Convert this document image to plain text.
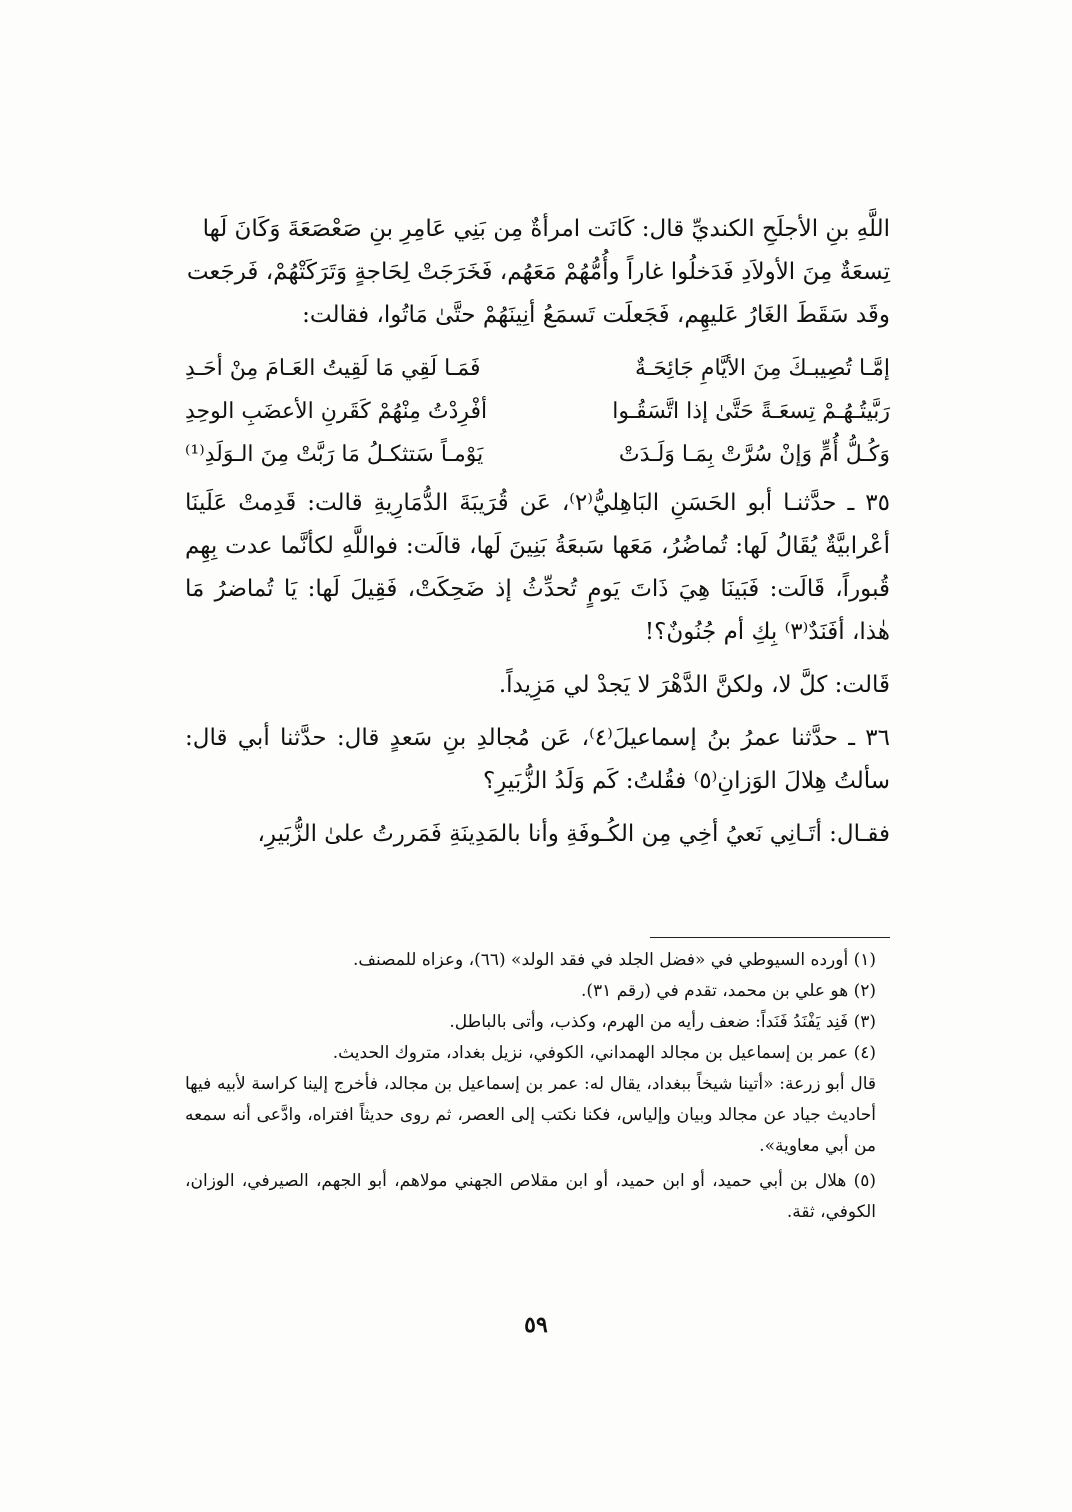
اللَّهِ بنِ الأجلَحِ الكنديِّ قال: كَانَت امرأةٌ مِن بَنِي عَامِرِ بنِ صَعْصَعَةَ وَكَانَ لَها

تِسعَةٌ مِنَ الأولاَدِ فَدَخلُوا غاراً وأُمُّهُمْ مَعَهُم، فَخَرَجَتْ لِحَاجةٍ وَتَرَكَتْهُمْ، فَرجَعت

وقَد سَقَطَ الغَارُ عَليهِم، فَجَعلَت تَسمَعُ أنِينَهُمْ حتَّىٰ مَاتُوا، فقالت:

إمَّـا تُصِيبـكَ مِنَ الأيَّامِ جَائِحَـةٌ
فَمَـا لَقِي مَا لَقِيتُ العَـامَ مِنْ أحَـدِ
رَبَّيتُـهُـمْ تِسعَـةً حَتَّىٰ إذا اتَّسَقُـوا
أفْرِدْتُ مِنْهُمْ كَقَرنِ الأعضَبِ الوحِدِ
وَكُـلُّ أُمٍّ وَإنْ سُرَّتْ بِمَـا وَلَـدَتْ
يَوْمـاً سَتثكـلُ مَا رَبَّتْ مِنَ الـوَلَدِ⁽¹⁾

٣٥ ـ حدَّثنـا أبو الحَسَنِ البَاهِليُّ⁽٢⁾، عَن قُرَيبَةَ الدُّمَارِيةِ قالت: قَدِمتْ عَلَينَا أعْرابيَّةٌ يُقَالُ لَها: تُماضُرُ، مَعَها سَبعَةُ بَنِينَ لَها، قالَت: فواللَّهِ لكأنَّما عدت بِهِم قُبوراً، قَالَت: فَبَينَا هِيَ ذَاتَ يَومٍ تُحدِّثُ إذ ضَحِكَتْ، فَقِيلَ لَها: يَا تُماضرُ مَا هٰذا، أفَنَدٌ⁽٣⁾ بِكِ أم جُنُونٌ؟!

قَالت: كلَّ لا، ولكنَّ الدَّهْرَ لا يَجدْ لي مَزِيداً.

٣٦ ـ حدَّثنا عمرُ بنُ إسماعيلَ⁽٤⁾، عَن مُجالدِ بنِ سَعدٍ قال: حدَّثنا أبي قال: سألتُ هِلالَ الوَزانِ⁽٥⁾ فقُلتُ: كَم وَلَدُ الزُّبَيرِ؟

فقـال: أتَـانِي نَعيُ أخِي مِن الكُـوفَةِ وأنا بالمَدِينَةِ فَمَررتُ علىٰ الزُّبَيرِ،

(١) أورده السيوطي في «فضل الجلد في فقد الولد» (٦٦)، وعزاه للمصنف.

(٢) هو علي بن محمد، تقدم في (رقم ٣١).

(٣) فَنِد يَفْنَدُ فَنَداً: ضعف رأيه من الهرم، وكذب، وأتى بالباطل.

(٤) عمر بن إسماعيل بن مجالد الهمداني، الكوفي، نزيل بغداد، متروك الحديث.

قال أبو زرعة: «أتينا شيخاً ببغداد، يقال له: عمر بن إسماعيل بن مجالد، فأخرج إلينا كراسة لأبيه فيها أحاديث جياد عن مجالد وبيان وإلياس، فكنا نكتب إلى العصر، ثم روى حديثاً افتراه، وادَّعى أنه سمعه من أبي معاوية».

(٥) هلال بن أبي حميد، أو ابن حميد، أو ابن مقلاص الجهني مولاهم، أبو الجهم، الصيرفي، الوزان، الكوفي، ثقة.

٥٩
